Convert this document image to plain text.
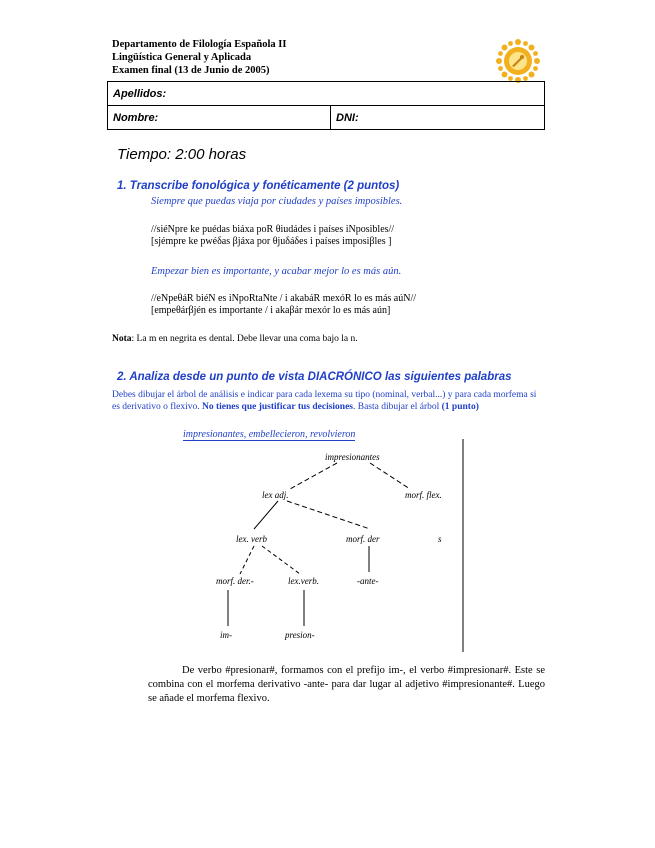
Departamento de Filología Española II
Lingüística General y Aplicada
Examen final (13 de Junio de 2005)
Apellidos:
Nombre:	DNI:
Tiempo: 2:00 horas
1. Transcribe fonológica y fonéticamente (2 puntos)
Siempre que puedas viaja por ciudades y países imposibles.
//siéNpre ke puédas biáxa poR θiudádes i países iNposibles//
[sjémpre ke pwéδas βjáxa por θjuδáδes i países imposiβles ]
Empezar bien es importante, y acabar mejor lo es más aún.
//eNpeθáR biéN es iNpoRtaNte / i akabáR mexóR lo es más aúN//
[empeθárβjén es importante / i akaβár mexór lo es más aún]
Nota: La m en negrita es dental. Debe llevar una coma bajo la n.
2. Analiza desde un punto de vista DIACRÓNICO las siguientes palabras
Debes dibujar el árbol de análisis e indicar para cada lexema su tipo (nominal, verbal...) y para cada morfema si es derivativo o flexivo. No tienes que justificar tus decisiones. Basta dibujar el árbol (1 punto)
impresionantes, embellecieron, revolvieron
impresionantes
lex adj.	morf. flex.
lex. verb	morf. der	s
morf. der.-	lex.verb.	-ante-
im-	presion-
De verbo #presionar#, formamos con el prefijo im-, el verbo #impresionar#. Este se combina con el morfema derivativo -ante- para dar lugar al adjetivo #impresionante#. Luego se añade el morfema flexivo.
